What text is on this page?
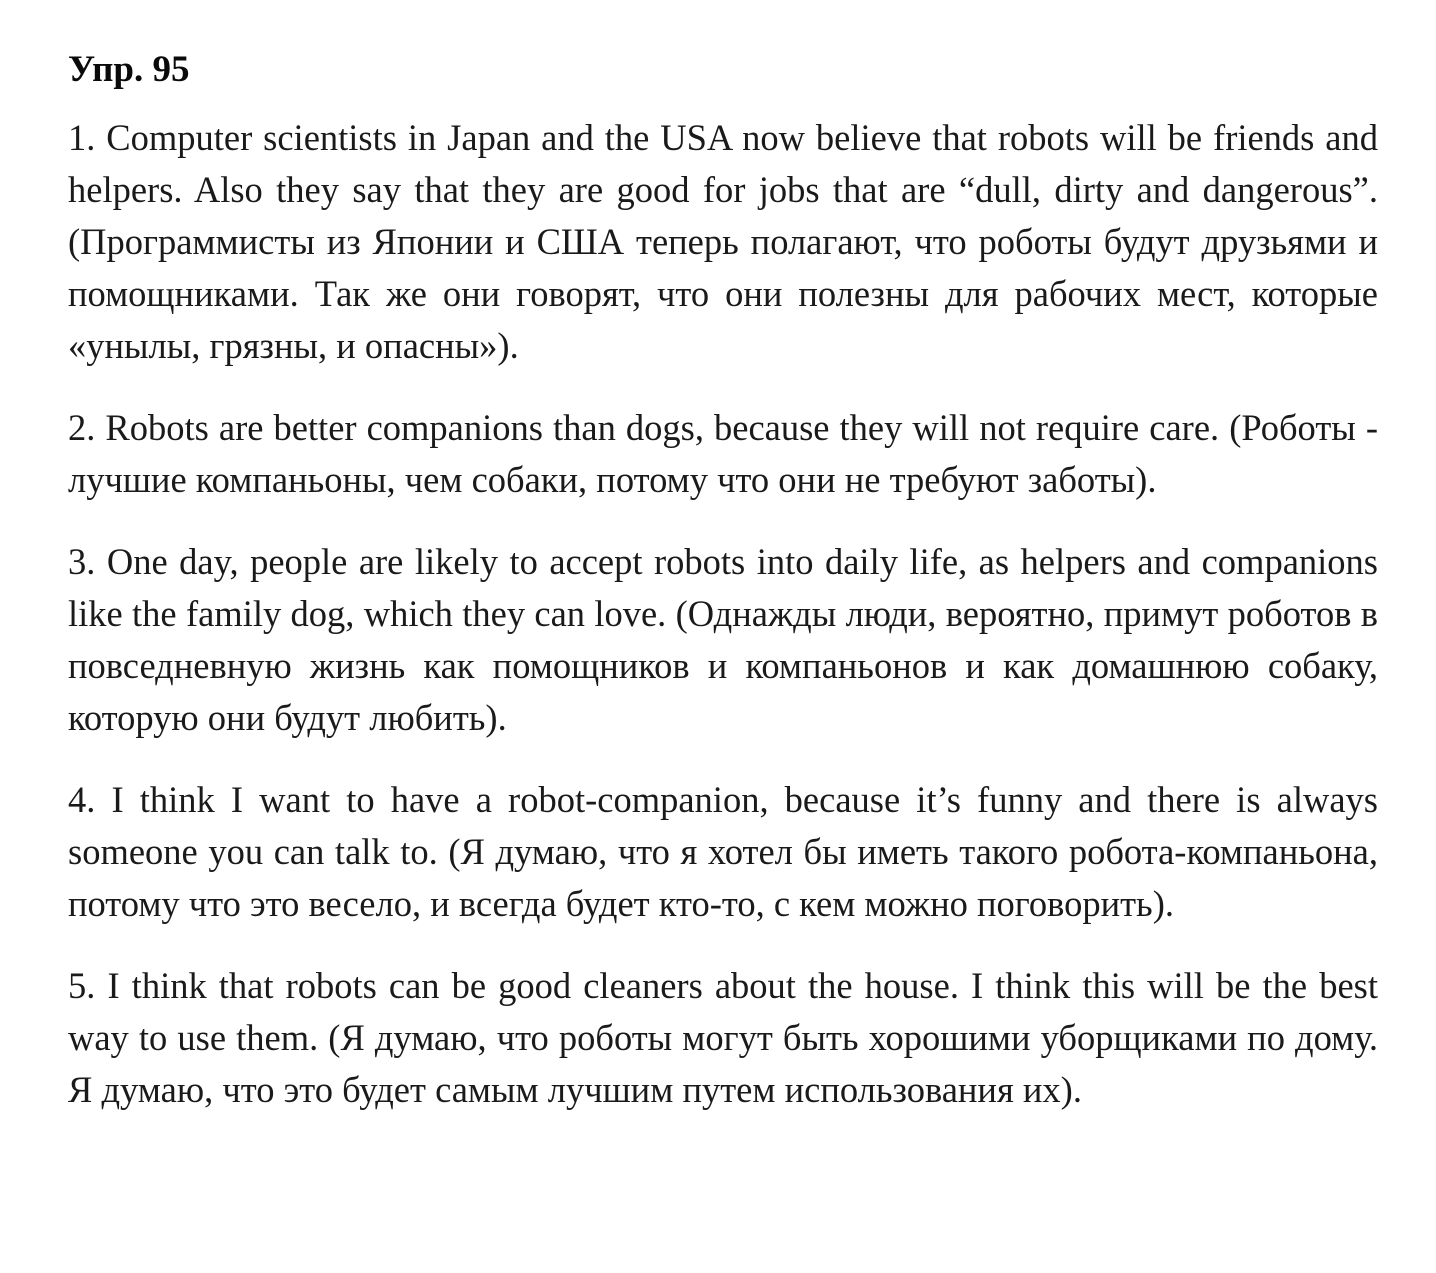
Упр. 95

1. Computer scientists in Japan and the USA now believe that robots will be friends and helpers. Also they say that they are good for jobs that are “dull, dirty and dangerous”. (Программисты из Японии и США теперь полагают, что роботы будут друзьями и помощниками. Так же они говорят, что они полезны для рабочих мест, которые «унылы, грязны, и опасны»).

2. Robots are better companions than dogs, because they will not require care. (Роботы - лучшие компаньоны, чем собаки, потому что они не требуют заботы).

3. One day, people are likely to accept robots into daily life, as helpers and companions like the family dog, which they can love. (Однажды люди, вероятно, примут роботов в повседневную жизнь как помощников и компаньонов и как домашнюю собаку, которую они будут любить).

4. I think I want to have a robot-companion, because it’s funny and there is always someone you can talk to. (Я думаю, что я хотел бы иметь такого робота-компаньона, потому что это весело, и всегда будет кто-то, с кем можно поговорить).

5. I think that robots can be good cleaners about the house. I think this will be the best way to use them. (Я думаю, что роботы могут быть хорошими уборщиками по дому. Я думаю, что это будет самым лучшим путем использования их).
